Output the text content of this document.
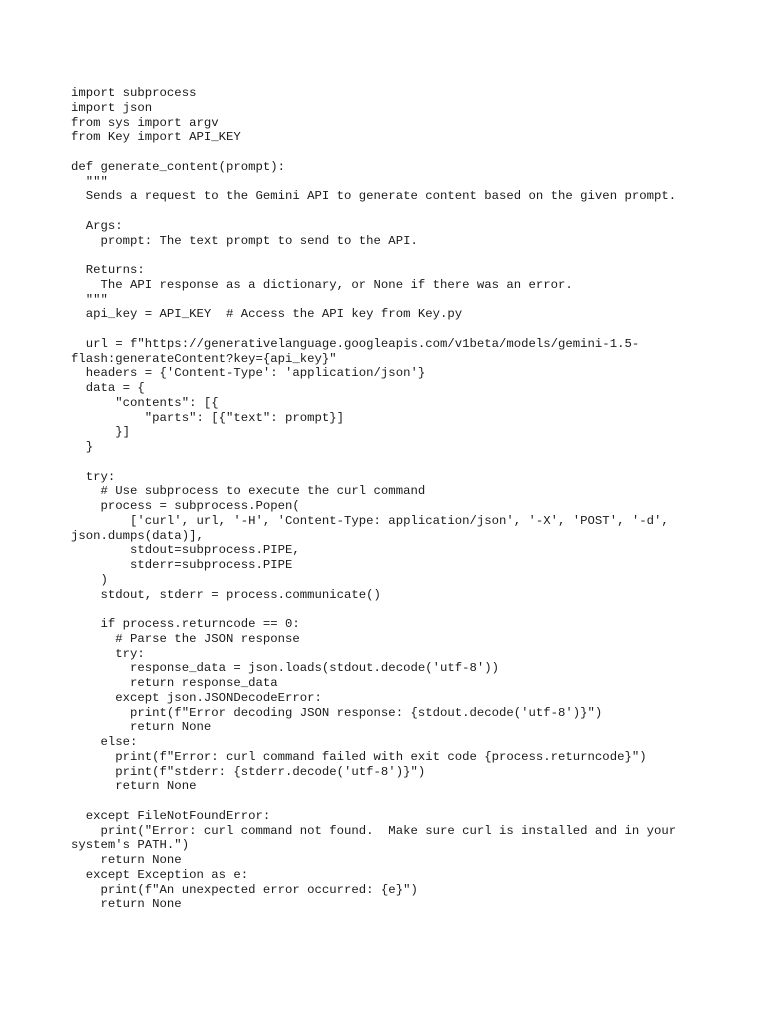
import subprocess
import json
from sys import argv
from Key import API_KEY
def generate_content(prompt):
"""
Sends a request to the Gemini API to generate content based on the given prompt.
Args:
prompt: The text prompt to send to the API.
Returns:
The API response as a dictionary, or None if there was an error.
"""
api_key = API_KEY  # Access the API key from Key.py
url = f"https://generativelanguage.googleapis.com/v1beta/models/gemini-1.5-
flash:generateContent?key={api_key}"
headers = {'Content-Type': 'application/json'}
data = {
"contents": [{
"parts": [{"text": prompt}]
}]
}
try:
# Use subprocess to execute the curl command
process = subprocess.Popen(
['curl', url, '-H', 'Content-Type: application/json', '-X', 'POST', '-d',
json.dumps(data)],
stdout=subprocess.PIPE,
stderr=subprocess.PIPE
)
stdout, stderr = process.communicate()
if process.returncode == 0:
# Parse the JSON response
try:
response_data = json.loads(stdout.decode('utf-8'))
return response_data
except json.JSONDecodeError:
print(f"Error decoding JSON response: {stdout.decode('utf-8')}")
return None
else:
print(f"Error: curl command failed with exit code {process.returncode}")
print(f"stderr: {stderr.decode('utf-8')}")
return None
except FileNotFoundError:
print("Error: curl command not found.  Make sure curl is installed and in your
system's PATH.")
return None
except Exception as e:
print(f"An unexpected error occurred: {e}")
return None
